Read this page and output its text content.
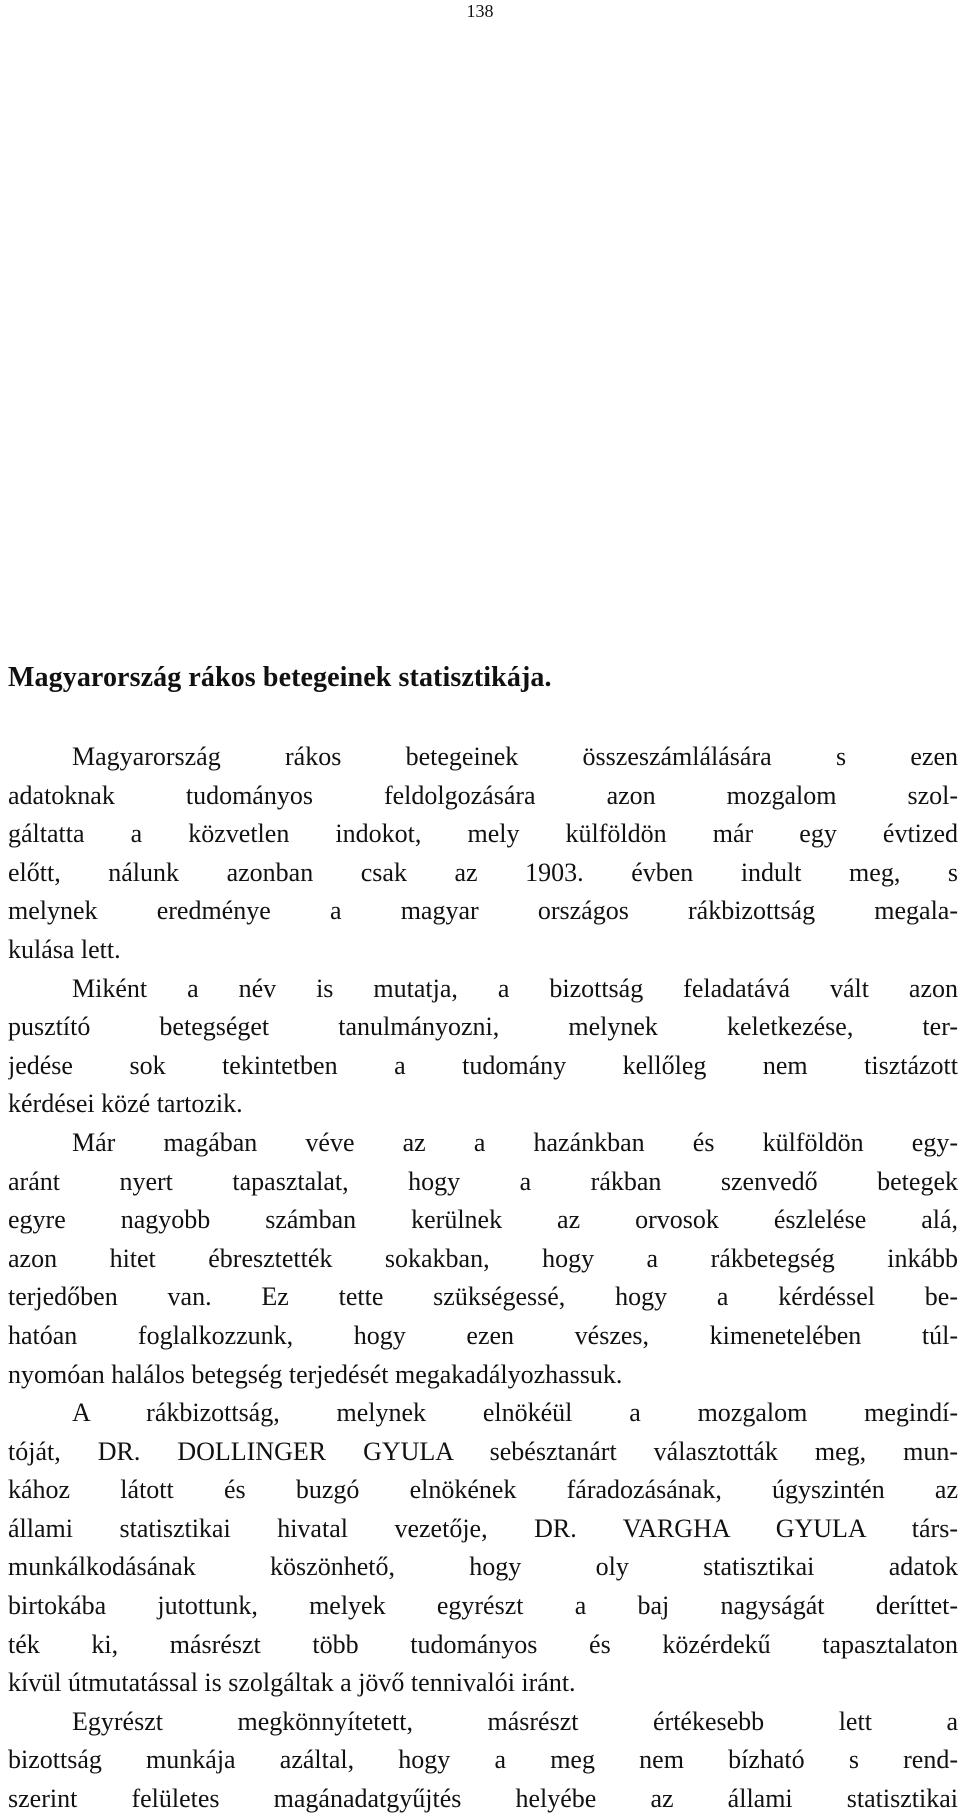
138
Magyarország rákos betegeinek statisztikája.
Magyarország rákos betegeinek összeszámlálására s ezen
adatoknak tudományos feldolgozására azon mozgalom szol-
gáltatta a közvetlen indokot, mely külföldön már egy évtized
előtt, nálunk azonban csak az 1903. évben indult meg, s
melynek eredménye a magyar országos rákbizottság megala-
kulása lett.
Miként a név is mutatja, a bizottság feladatává vált azon
pusztító betegséget tanulmányozni, melynek keletkezése, ter-
jedése sok tekintetben a tudomány kellőleg nem tisztázott
kérdései közé tartozik.
Már magában véve az a hazánkban és külföldön egy-
aránt nyert tapasztalat, hogy a rákban szenvedő betegek
egyre nagyobb számban kerülnek az orvosok észlelése alá,
azon hitet ébresztették sokakban, hogy a rákbetegség inkább
terjedőben van. Ez tette szükségessé, hogy a kérdéssel be-
hatóan foglalkozzunk, hogy ezen vészes, kimenetelében túl-
nyomóan halálos betegség terjedését megakadályozhassuk.
A rákbizottság, melynek elnökéül a mozgalom megindí-
tóját, DR. DOLLINGER GYULA sebésztanárt választották meg, mun-
kához látott és buzgó elnökének fáradozásának, úgyszintén az
állami statisztikai hivatal vezetője, DR. VARGHA GYULA társ-
munkálkodásának köszönhető, hogy oly statisztikai adatok
birtokába jutottunk, melyek egyrészt a baj nagyságát deríttet-
ték ki, másrészt több tudományos és közérdekű tapasztalaton
kívül útmutatással is szolgáltak a jövő tennivalói iránt.
Egyrészt megkönnyítetett, másrészt értékesebb lett a
bizottság munkája azáltal, hogy a meg nem bízható s rend-
szerint felületes magánadatgyűjtés helyébe az állami statisztikai
